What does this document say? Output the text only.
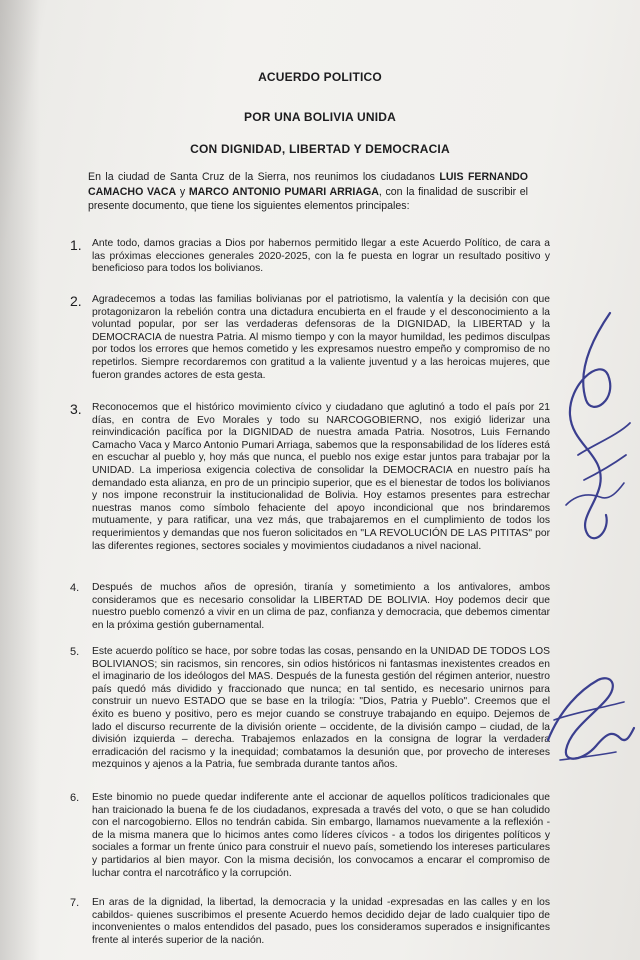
ACUERDO POLITICO
POR UNA BOLIVIA UNIDA
CON DIGNIDAD, LIBERTAD Y DEMOCRACIA
En la ciudad de Santa Cruz de la Sierra, nos reunimos los ciudadanos LUIS FERNANDO CAMACHO VACA y MARCO ANTONIO PUMARI ARRIAGA, con la finalidad de suscribir el presente documento, que tiene los siguientes elementos principales:
1. Ante todo, damos gracias a Dios por habernos permitido llegar a este Acuerdo Político, de cara a las próximas elecciones generales 2020-2025, con la fe puesta en lograr un resultado positivo y beneficioso para todos los bolivianos.
2. Agradecemos a todas las familias bolivianas por el patriotismo, la valentía y la decisión con que protagonizaron la rebelión contra una dictadura encubierta en el fraude y el desconocimiento a la voluntad popular, por ser las verdaderas defensoras de la DIGNIDAD, la LIBERTAD y la DEMOCRACIA de nuestra Patria. Al mismo tiempo y con la mayor humildad, les pedimos disculpas por todos los errores que hemos cometido y les expresamos nuestro empeño y compromiso de no repetirlos. Siempre recordaremos con gratitud a la valiente juventud y a las heroicas mujeres, que fueron grandes actores de esta gesta.
3. Reconocemos que el histórico movimiento cívico y ciudadano que aglutinó a todo el país por 21 días, en contra de Evo Morales y todo su NARCOGOBIERNO, nos exigió liderizar una reinvindicación pacífica por la DIGNIDAD de nuestra amada Patria. Nosotros, Luis Fernando Camacho Vaca y Marco Antonio Pumari Arriaga, sabemos que la responsabilidad de los líderes está en escuchar al pueblo y, hoy más que nunca, el pueblo nos exige estar juntos para trabajar por la UNIDAD. La imperiosa exigencia colectiva de consolidar la DEMOCRACIA en nuestro país ha demandado esta alianza, en pro de un principio superior, que es el bienestar de todos los bolivianos y nos impone reconstruir la institucionalidad de Bolivia. Hoy estamos presentes para estrechar nuestras manos como símbolo fehaciente del apoyo incondicional que nos brindaremos mutuamente, y para ratificar, una vez más, que trabajaremos en el cumplimiento de todos los requerimientos y demandas que nos fueron solicitados en "LA REVOLUCIÓN DE LAS PITITAS" por las diferentes regiones, sectores sociales y movimientos ciudadanos a nivel nacional.
4. Después de muchos años de opresión, tiranía y sometimiento a los antivalores, ambos consideramos que es necesario consolidar la LIBERTAD DE BOLIVIA. Hoy podemos decir que nuestro pueblo comenzó a vivir en un clima de paz, confianza y democracia, que debemos cimentar en la próxima gestión gubernamental.
5. Este acuerdo político se hace, por sobre todas las cosas, pensando en la UNIDAD DE TODOS LOS BOLIVIANOS; sin racismos, sin rencores, sin odios históricos ni fantasmas inexistentes creados en el imaginario de los ideólogos del MAS. Después de la funesta gestión del régimen anterior, nuestro país quedó más dividido y fraccionado que nunca; en tal sentido, es necesario unirnos para construir un nuevo ESTADO que se base en la trilogía: "Dios, Patria y Pueblo". Creemos que el éxito es bueno y positivo, pero es mejor cuando se construye trabajando en equipo. Dejemos de lado el discurso recurrente de la división oriente – occidente, de la división campo – ciudad, de la división izquierda – derecha. Trabajemos enlazados en la consigna de lograr la verdadera erradicación del racismo y la inequidad; combatamos la desunión que, por provecho de intereses mezquinos y ajenos a la Patria, fue sembrada durante tantos años.
6. Este binomio no puede quedar indiferente ante el accionar de aquellos políticos tradicionales que han traicionado la buena fe de los ciudadanos, expresada a través del voto, o que se han coludido con el narcogobierno. Ellos no tendrán cabida. Sin embargo, llamamos nuevamente a la reflexión - de la misma manera que lo hicimos antes como líderes cívicos - a todos los dirigentes políticos y sociales a formar un frente único para construir el nuevo país, sometiendo los intereses particulares y partidarios al bien mayor. Con la misma decisión, los convocamos a encarar el compromiso de luchar contra el narcotráfico y la corrupción.
7. En aras de la dignidad, la libertad, la democracia y la unidad -expresadas en las calles y en los cabildos- quienes suscribimos el presente Acuerdo hemos decidido dejar de lado cualquier tipo de inconvenientes o malos entendidos del pasado, pues los consideramos superados e insignificantes frente al interés superior de la nación.
